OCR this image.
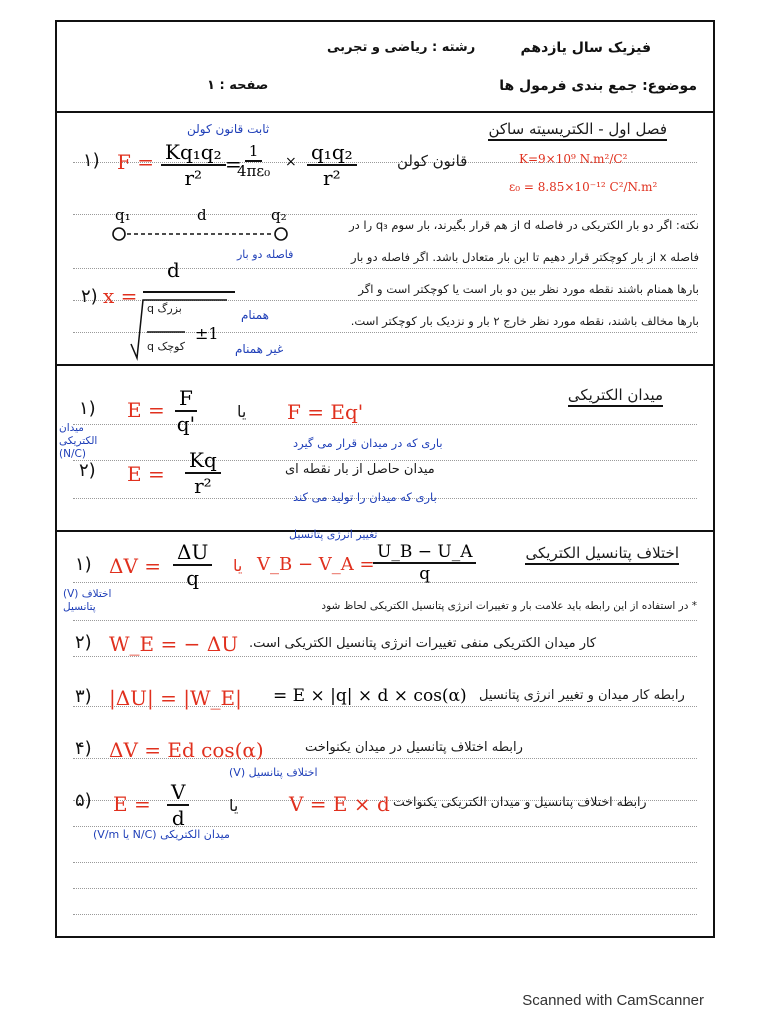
فیزیک سال یازدهم
رشته : ریاضی و تجربی
موضوع: جمع بندی فرمول ها
صفحه : ۱
فصل اول - الکتریسیته ساکن
ثابت قانون کولن
۱) $F = \frac{\text{Kq₁q₂}}{\text{r²}}$ =
$\frac{1}{\text{4πε₀}} \times \frac{\text{q₁q₂}}{\text{r²}}$	قانون کولن	K=9×10⁹ N.m²/C²
ε₀ = 8.85×10⁻¹² C²/N.m²
q₁	d	q₂
نکته: اگر دو بار الکتریکی در فاصله d از هم قرار بگیرند، بار سوم q₃ را در
فاصله x از بار کوچکتر قرار دهیم تا این بار متعادل باشد. اگر فاصله دو بار
بارها همنام باشند نقطه مورد نظر بین دو بار است یا کوچکتر است و اگر
بارها مخالف باشند، نقطه مورد نظر خارج ۲ بار و نزدیک بار کوچکتر است.
فاصله دو بار
۲) x =
d
q بزرگ
q کوچک
±1
همنام
غیر همنام
میدان الکتریکی
۱) $E = \frac{F}{q'}$	یا F = Eq'
میدان الکتریکی (N/C)
باری که در میدان قرار می گیرد
۲) $E = \frac{Kq}{\text{r²}}$	میدان حاصل از بار نقطه ای
باری که میدان را تولید می کند
اختلاف پتانسیل الکتریکی
تغییر انرژی پتانسیل
۱) $\Delta V = \frac{\Delta U}{q}$ یا V_B − V_A =
$\frac{U\_B - U\_A}{q}$
(V) اختلاف پتانسیل	* در استفاده از این رابطه باید علامت بار و تغییرات انرژی پتانسیل الکتریکی لحاظ شود
۲) W_E = − ΔU کار میدان الکتریکی منفی تغییرات انرژی پتانسیل الکتریکی است.
۳) |ΔU| = |W_E| = E × |q| × d × cos(α) رابطه کار میدان و تغییر انرژی پتانسیل
۴) ΔV = Ed cos(α)	رابطه اختلاف پتانسیل در میدان یکنواخت
اختلاف پتانسیل (V)
۵) $E = \frac{V}{d}$ یا	V = E × d رابطه اختلاف پتانسیل و میدان الکتریکی یکنواخت
میدان الکتریکی (N/C یا V/m)
Scanned with CamScanner
